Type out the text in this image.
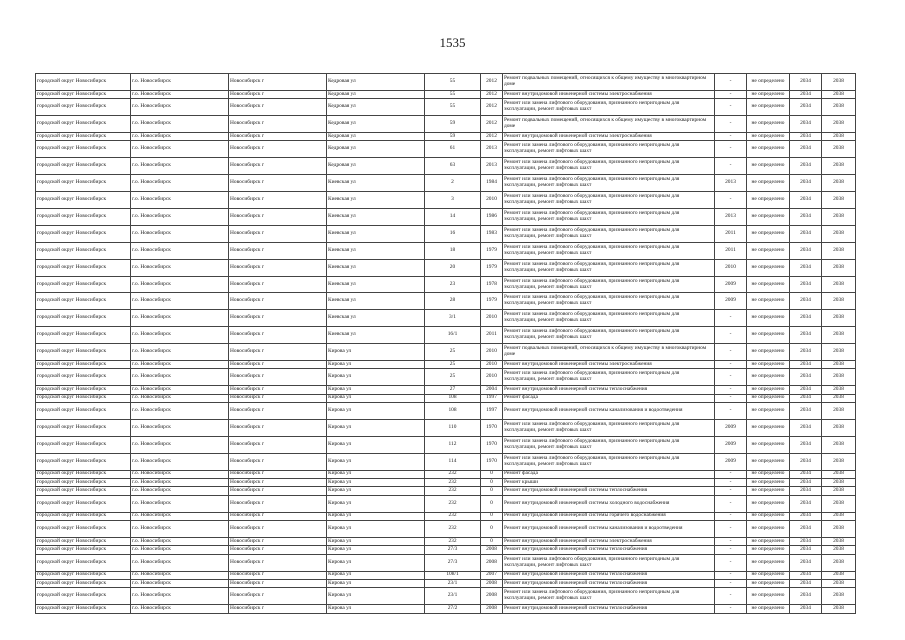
1535
городской округ Новосибирск	г.о. Новосибирск	Новосибирск г	Кедровая ул	55	2012	Ремонт подвальных помещений, относящихся к общему имуществу в многоквартирном доме	-	не определено	2034	2038
городской округ Новосибирск	г.о. Новосибирск	Новосибирск г	Кедровая ул	55	2012	Ремонт внутридомовой инженерной системы электроснабжения	-	не определено	2034	2038
городской округ Новосибирск	г.о. Новосибирск	Новосибирск г	Кедровая ул	55	2012	Ремонт или замена лифтового оборудования, признанного непригодным для эксплуатации, ремонт лифтовых шахт	-	не определено	2034	2038
городской округ Новосибирск	г.о. Новосибирск	Новосибирск г	Кедровая ул	59	2012	Ремонт подвальных помещений, относящихся к общему имуществу в многоквартирном доме	-	не определено	2034	2038
городской округ Новосибирск	г.о. Новосибирск	Новосибирск г	Кедровая ул	59	2012	Ремонт внутридомовой инженерной системы электроснабжения	-	не определено	2034	2038
городской округ Новосибирск	г.о. Новосибирск	Новосибирск г	Кедровая ул	61	2013	Ремонт или замена лифтового оборудования, признанного непригодным для эксплуатации, ремонт лифтовых шахт	-	не определено	2034	2038
городской округ Новосибирск	г.о. Новосибирск	Новосибирск г	Кедровая ул	63	2013	Ремонт или замена лифтового оборудования, признанного непригодным для эксплуатации, ремонт лифтовых шахт	-	не определено	2034	2038
городской округ Новосибирск	г.о. Новосибирск	Новосибирск г	Киевская ул	2	1984	Ремонт или замена лифтового оборудования, признанного непригодным для эксплуатации, ремонт лифтовых шахт	2013	не определено	2034	2038
городской округ Новосибирск	г.о. Новосибирск	Новосибирск г	Киевская ул	3	2010	Ремонт или замена лифтового оборудования, признанного непригодным для эксплуатации, ремонт лифтовых шахт	-	не определено	2034	2038
городской округ Новосибирск	г.о. Новосибирск	Новосибирск г	Киевская ул	14	1986	Ремонт или замена лифтового оборудования, признанного непригодным для эксплуатации, ремонт лифтовых шахт	2013	не определено	2034	2038
городской округ Новосибирск	г.о. Новосибирск	Новосибирск г	Киевская ул	16	1983	Ремонт или замена лифтового оборудования, признанного непригодным для эксплуатации, ремонт лифтовых шахт	2011	не определено	2034	2038
городской округ Новосибирск	г.о. Новосибирск	Новосибирск г	Киевская ул	18	1979	Ремонт или замена лифтового оборудования, признанного непригодным для эксплуатации, ремонт лифтовых шахт	2011	не определено	2034	2038
городской округ Новосибирск	г.о. Новосибирск	Новосибирск г	Киевская ул	20	1979	Ремонт или замена лифтового оборудования, признанного непригодным для эксплуатации, ремонт лифтовых шахт	2010	не определено	2034	2038
городской округ Новосибирск	г.о. Новосибирск	Новосибирск г	Киевская ул	23	1978	Ремонт или замена лифтового оборудования, признанного непригодным для эксплуатации, ремонт лифтовых шахт	2009	не определено	2034	2038
городской округ Новосибирск	г.о. Новосибирск	Новосибирск г	Киевская ул	28	1979	Ремонт или замена лифтового оборудования, признанного непригодным для эксплуатации, ремонт лифтовых шахт	2009	не определено	2034	2038
городской округ Новосибирск	г.о. Новосибирск	Новосибирск г	Киевская ул	3/1	2010	Ремонт или замена лифтового оборудования, признанного непригодным для эксплуатации, ремонт лифтовых шахт	-	не определено	2034	2038
городской округ Новосибирск	г.о. Новосибирск	Новосибирск г	Киевская ул	16/1	2011	Ремонт или замена лифтового оборудования, признанного непригодным для эксплуатации, ремонт лифтовых шахт	-	не определено	2034	2038
городской округ Новосибирск	г.о. Новосибирск	Новосибирск г	Кирова ул	25	2010	Ремонт подвальных помещений, относящихся к общему имуществу в многоквартирном доме	-	не определено	2034	2038
городской округ Новосибирск	г.о. Новосибирск	Новосибирск г	Кирова ул	25	2010	Ремонт внутридомовой инженерной системы электроснабжения	-	не определено	2034	2038
городской округ Новосибирск	г.о. Новосибирск	Новосибирск г	Кирова ул	25	2010	Ремонт или замена лифтового оборудования, признанного непригодным для эксплуатации, ремонт лифтовых шахт	-	не определено	2034	2038
городской округ Новосибирск	г.о. Новосибирск	Новосибирск г	Кирова ул	27	2004	Ремонт внутридомовой инженерной системы теплоснабжения	-	не определено	2034	2038
городской округ Новосибирск	г.о. Новосибирск	Новосибирск г	Кирова ул	108	1997	Ремонт фасада	-	не определено	2034	2038
городской округ Новосибирск	г.о. Новосибирск	Новосибирск г	Кирова ул	108	1997	Ремонт внутридомовой инженерной системы канализования и водоотведения	-	не определено	2034	2038
городской округ Новосибирск	г.о. Новосибирск	Новосибирск г	Кирова ул	110	1970	Ремонт или замена лифтового оборудования, признанного непригодным для эксплуатации, ремонт лифтовых шахт	2009	не определено	2034	2038
городской округ Новосибирск	г.о. Новосибирск	Новосибирск г	Кирова ул	112	1970	Ремонт или замена лифтового оборудования, признанного непригодным для эксплуатации, ремонт лифтовых шахт	2009	не определено	2034	2038
городской округ Новосибирск	г.о. Новосибирск	Новосибирск г	Кирова ул	114	1970	Ремонт или замена лифтового оборудования, признанного непригодным для эксплуатации, ремонт лифтовых шахт	2009	не определено	2034	2038
городской округ Новосибирск	г.о. Новосибирск	Новосибирск г	Кирова ул	232	0	Ремонт фасада	-	не определено	2034	2038
городской округ Новосибирск	г.о. Новосибирск	Новосибирск г	Кирова ул	232	0	Ремонт крыши	-	не определено	2034	2038
городской округ Новосибирск	г.о. Новосибирск	Новосибирск г	Кирова ул	232	0	Ремонт внутридомовой инженерной системы теплоснабжения	-	не определено	2034	2038
городской округ Новосибирск	г.о. Новосибирск	Новосибирск г	Кирова ул	232	0	Ремонт внутридомовой инженерной системы холодного водоснабжения	-	не определено	2034	2038
городской округ Новосибирск	г.о. Новосибирск	Новосибирск г	Кирова ул	232	0	Ремонт внутридомовой инженерной системы горячего водоснабжения	-	не определено	2034	2038
городской округ Новосибирск	г.о. Новосибирск	Новосибирск г	Кирова ул	232	0	Ремонт внутридомовой инженерной системы канализования и водоотведения	-	не определено	2034	2038
городской округ Новосибирск	г.о. Новосибирск	Новосибирск г	Кирова ул	232	0	Ремонт внутридомовой инженерной системы электроснабжения	-	не определено	2034	2038
городской округ Новосибирск	г.о. Новосибирск	Новосибирск г	Кирова ул	27/3	2008	Ремонт внутридомовой инженерной системы теплоснабжения	-	не определено	2034	2038
городской округ Новосибирск	г.о. Новосибирск	Новосибирск г	Кирова ул	27/3	2008	Ремонт или замена лифтового оборудования, признанного непригодным для эксплуатации, ремонт лифтовых шахт	-	не определено	2034	2038
городской округ Новосибирск	г.о. Новосибирск	Новосибирск г	Кирова ул	108/1	2007	Ремонт внутридомовой инженерной системы теплоснабжения	-	не определено	2034	2038
городской округ Новосибирск	г.о. Новосибирск	Новосибирск г	Кирова ул	23/1	2008	Ремонт внутридомовой инженерной системы теплоснабжения	-	не определено	2034	2038
городской округ Новосибирск	г.о. Новосибирск	Новосибирск г	Кирова ул	23/1	2008	Ремонт или замена лифтового оборудования, признанного непригодным для эксплуатации, ремонт лифтовых шахт	-	не определено	2034	2038
городской округ Новосибирск	г.о. Новосибирск	Новосибирск г	Кирова ул	27/2	2008	Ремонт внутридомовой инженерной системы теплоснабжения	-	не определено	2034	2038
